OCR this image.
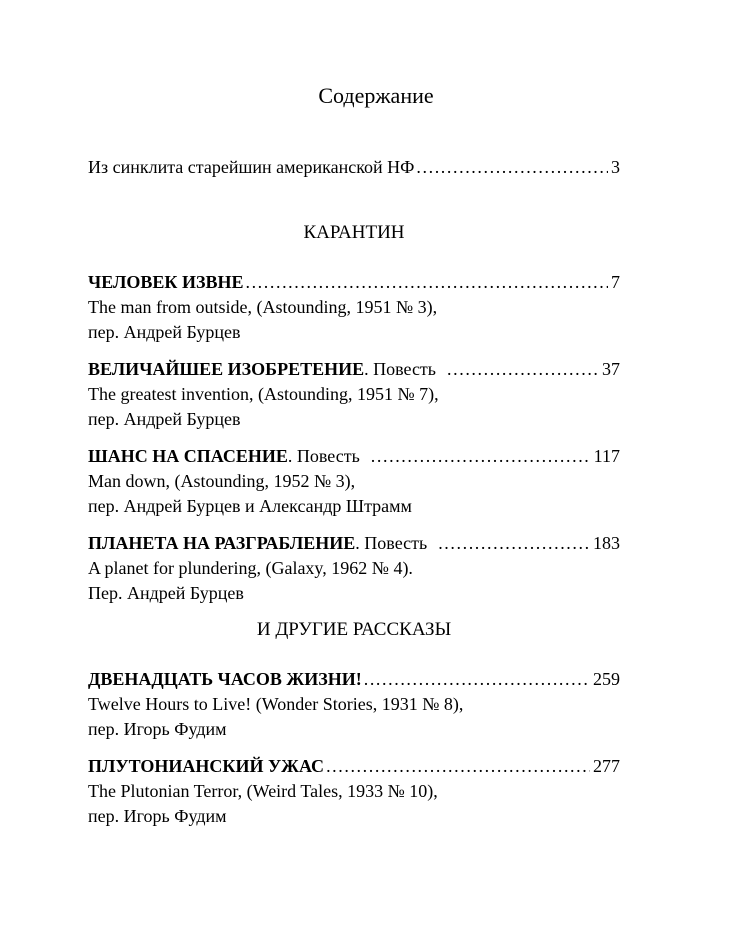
Содержание
Из синклита старейшин американской НФ .....	3
КАРАНТИН
ЧЕЛОВЕК ИЗВНЕ .....	7
The man from outside, (Astounding, 1951 № 3),
пер. Андрей Бурцев
ВЕЛИЧАЙШЕЕ ИЗОБРЕТЕНИЕ . Повесть .....	37
The greatest invention, (Astounding, 1951 № 7),
пер. Андрей Бурцев
ШАНС НА СПАСЕНИЕ . Повесть .....	117
Man down, (Astounding, 1952 № 3),
пер. Андрей Бурцев и Александр Штрамм
ПЛАНЕТА НА РАЗГРАБЛЕНИЕ . Повесть .....	183
A planet for plundering, (Galaxy, 1962 № 4).
Пер. Андрей Бурцев
И ДРУГИЕ РАССКАЗЫ
ДВЕНАДЦАТЬ ЧАСОВ ЖИЗНИ! .....	259
Twelve Hours to Live! (Wonder Stories, 1931 № 8),
пер. Игорь Фудим
ПЛУТОНИАНСКИЙ УЖАС .....	277
The Plutonian Terror, (Weird Tales, 1933 № 10),
пер. Игорь Фудим
